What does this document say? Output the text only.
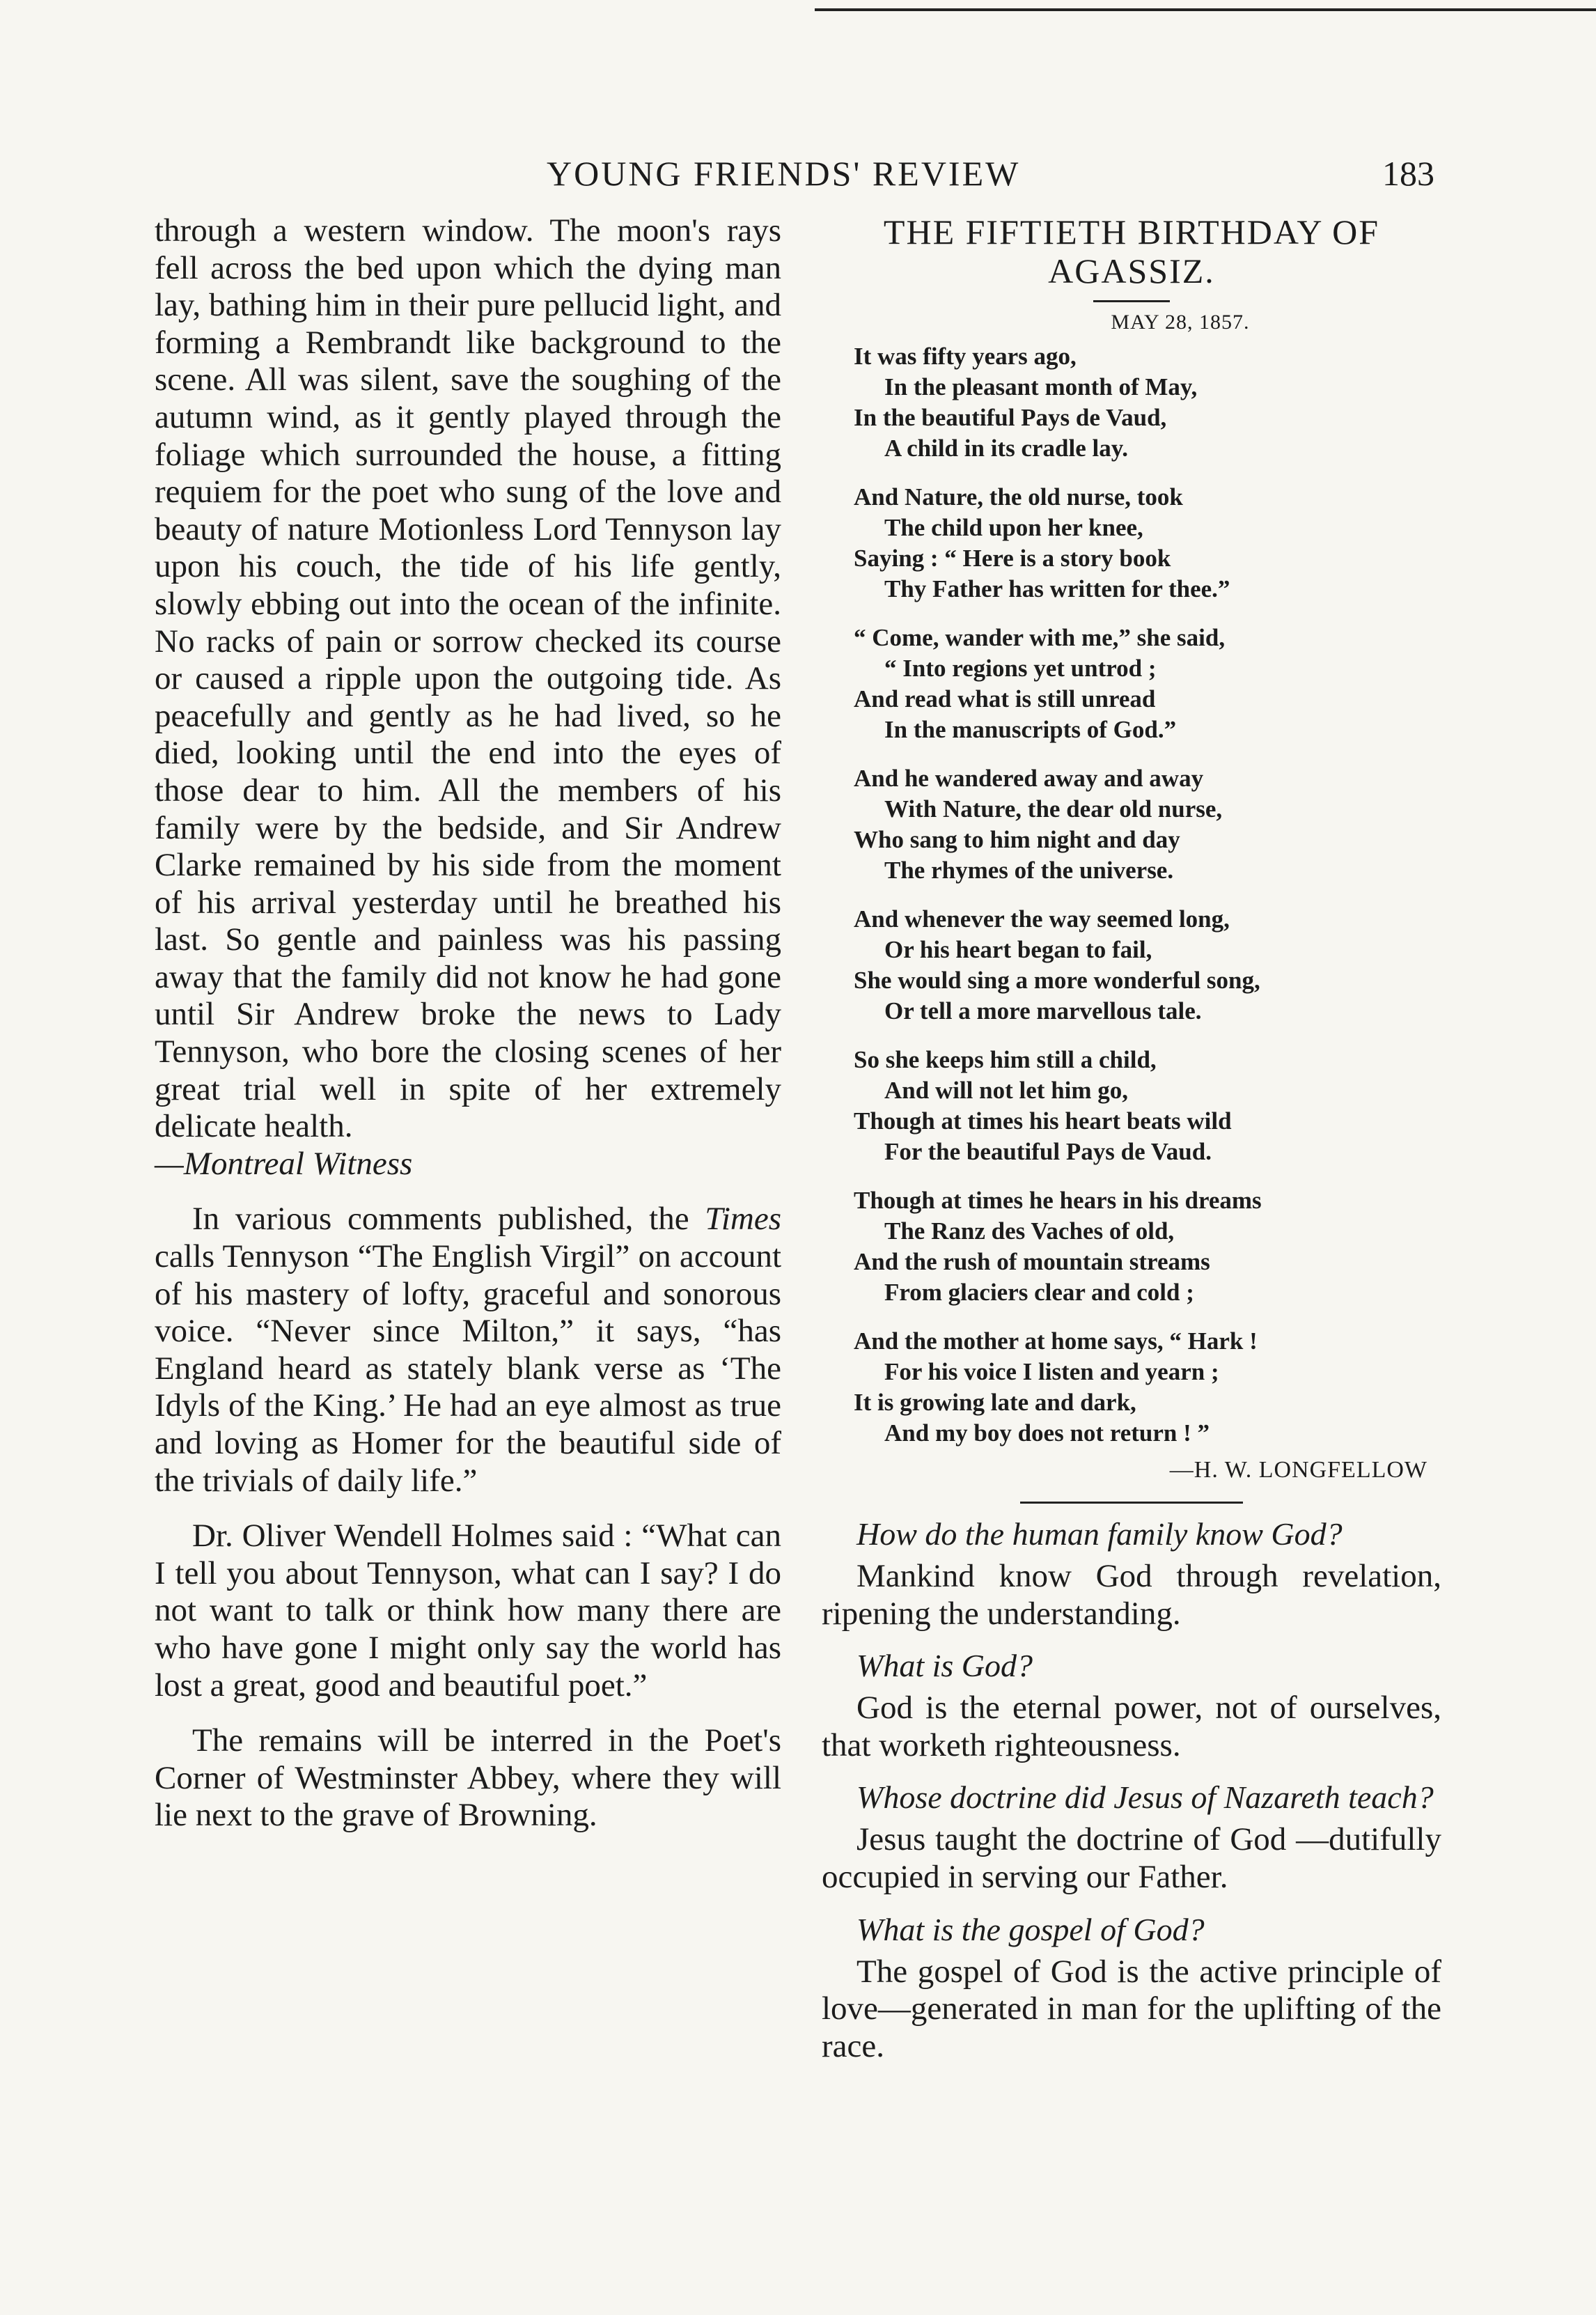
YOUNG FRIENDS' REVIEW	183

through a western window. The moon's rays fell across the bed upon which the dying man lay, bathing him in their pure pellucid light, and forming a Rembrandt like background to the scene. All was silent, save the soughing of the autumn wind, as it gently played through the foliage which surrounded the house, a fitting requiem for the poet who sung of the love and beauty of nature Motionless Lord Tennyson lay upon his couch, the tide of his life gently, slowly ebbing out into the ocean of the infinite. No racks of pain or sorrow checked its course or caused a ripple upon the outgoing tide. As peacefully and gently as he had lived, so he died, looking until the end into the eyes of those dear to him. All the members of his family were by the bedside, and Sir Andrew Clarke remained by his side from the moment of his arrival yesterday until he breathed his last. So gentle and painless was his passing away that the family did not know he had gone until Sir Andrew broke the news to Lady Tennyson, who bore the closing scenes of her great trial well in spite of her extremely delicate health.

—Montreal Witness

In various comments published, the Times calls Tennyson “The English Virgil” on account of his mastery of lofty, graceful and sonorous voice. “Never since Milton,” it says, “has England heard as stately blank verse as ‘The Idyls of the King.’ He had an eye almost as true and loving as Homer for the beautiful side of the trivials of daily life.”

Dr. Oliver Wendell Holmes said : “What can I tell you about Tennyson, what can I say? I do not want to talk or think how many there are who have gone I might only say the world has lost a great, good and beautiful poet.”

The remains will be interred in the Poet's Corner of Westminster Abbey, where they will lie next to the grave of Browning.

THE FIFTIETH BIRTHDAY OF AGASSIZ.
MAY 28, 1857.
It was fifty years ago,
In the pleasant month of May,
In the beautiful Pays de Vaud,
A child in its cradle lay.
And Nature, the old nurse, took
The child upon her knee,
Saying : “ Here is a story book
Thy Father has written for thee.”
“ Come, wander with me,” she said,
“ Into regions yet untrod ;
And read what is still unread
In the manuscripts of God.”
And he wandered away and away
With Nature, the dear old nurse,
Who sang to him night and day
The rhymes of the universe.
And whenever the way seemed long,
Or his heart began to fail,
She would sing a more wonderful song,
Or tell a more marvellous tale.
So she keeps him still a child,
And will not let him go,
Though at times his heart beats wild
For the beautiful Pays de Vaud.
Though at times he hears in his dreams
The Ranz des Vaches of old,
And the rush of mountain streams
From glaciers clear and cold ;
And the mother at home says, “ Hark !
For his voice I listen and yearn ;
It is growing late and dark,
And my boy does not return ! ”
—H. W. LONGFELLOW
How do the human family know God?
Mankind know God through revelation, ripening the understanding.
What is God?
God is the eternal power, not of ourselves, that worketh righteousness.
Whose doctrine did Jesus of Nazareth teach?
Jesus taught the doctrine of God —dutifully occupied in serving our Father.
What is the gospel of God?
The gospel of God is the active principle of love—generated in man for the uplifting of the race.
